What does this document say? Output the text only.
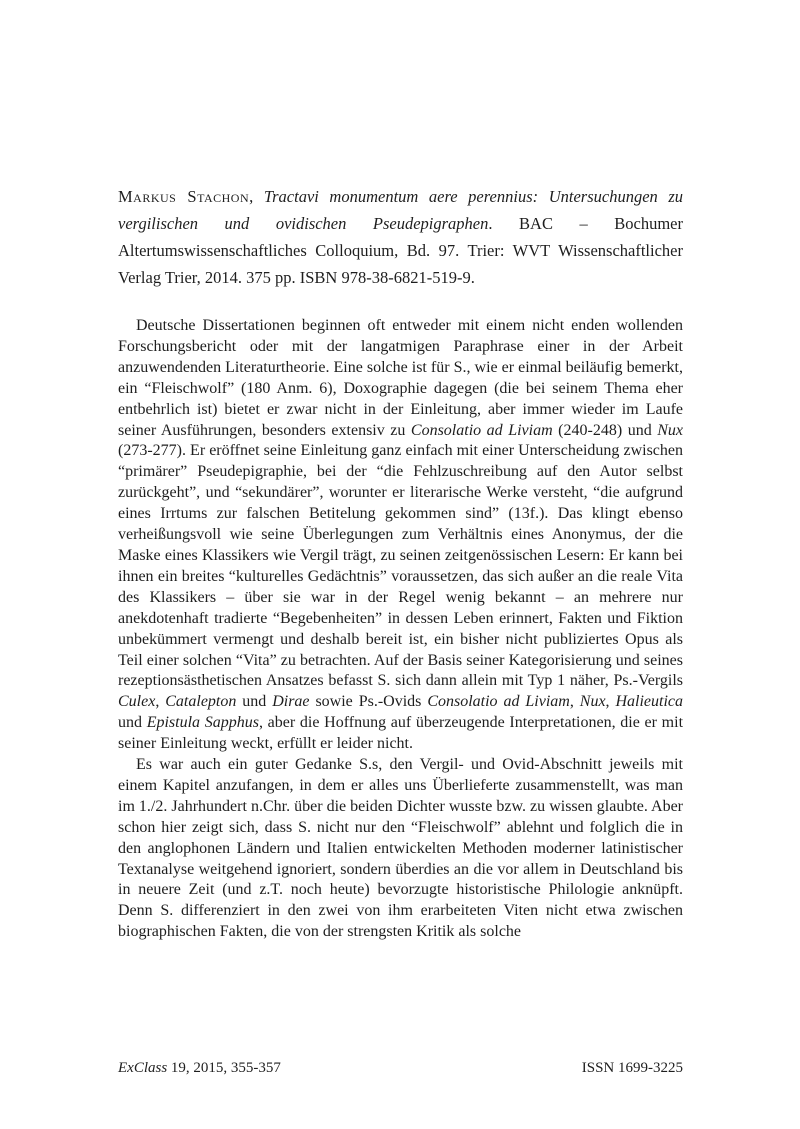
Markus Stachon, Tractavi monumentum aere perennius: Untersuchungen zu vergilischen und ovidischen Pseudepigraphen. BAC – Bochumer Altertumswissenschaftliches Colloquium, Bd. 97. Trier: WVT Wissenschaftlicher Verlag Trier, 2014. 375 pp. ISBN 978-38-6821-519-9.

Deutsche Dissertationen beginnen oft entweder mit einem nicht enden wollenden Forschungsbericht oder mit der langatmigen Paraphrase einer in der Arbeit anzuwendenden Literaturtheorie. Eine solche ist für S., wie er einmal beiläufig bemerkt, ein “Fleischwolf” (180 Anm. 6), Doxographie dagegen (die bei seinem Thema eher entbehrlich ist) bietet er zwar nicht in der Einleitung, aber immer wieder im Laufe seiner Ausführungen, besonders extensiv zu Consolatio ad Liviam (240-248) und Nux (273-277). Er eröffnet seine Einleitung ganz einfach mit einer Unterscheidung zwischen “primärer” Pseudepigraphie, bei der “die Fehlzuschreibung auf den Autor selbst zurückgeht”, und “sekundärer”, worunter er literarische Werke versteht, “die aufgrund eines Irrtums zur falschen Betitelung gekommen sind” (13f.). Das klingt ebenso verheißungsvoll wie seine Überlegungen zum Verhältnis eines Anonymus, der die Maske eines Klassikers wie Vergil trägt, zu seinen zeitgenössischen Lesern: Er kann bei ihnen ein breites “kulturelles Gedächtnis” voraussetzen, das sich außer an die reale Vita des Klassikers – über sie war in der Regel wenig bekannt – an mehrere nur anekdotenhaft tradierte “Begebenheiten” in dessen Leben erinnert, Fakten und Fiktion unbekümmert vermengt und deshalb bereit ist, ein bisher nicht publiziertes Opus als Teil einer solchen “Vita” zu betrachten. Auf der Basis seiner Kategorisierung und seines rezeptionsästhetischen Ansatzes befasst S. sich dann allein mit Typ 1 näher, Ps.-Vergils Culex, Catalepton und Dirae sowie Ps.-Ovids Consolatio ad Liviam, Nux, Halieutica und Epistula Sapphus, aber die Hoffnung auf überzeugende Interpretationen, die er mit seiner Einleitung weckt, erfüllt er leider nicht.

Es war auch ein guter Gedanke S.s, den Vergil- und Ovid-Abschnitt jeweils mit einem Kapitel anzufangen, in dem er alles uns Überlieferte zusammenstellt, was man im 1./2. Jahrhundert n.Chr. über die beiden Dichter wusste bzw. zu wissen glaubte. Aber schon hier zeigt sich, dass S. nicht nur den “Fleischwolf” ablehnt und folglich die in den anglophonen Ländern und Italien entwickelten Methoden moderner latinistischer Textanalyse weitgehend ignoriert, sondern überdies an die vor allem in Deutschland bis in neuere Zeit (und z.T. noch heute) bevorzugte historistische Philologie anknüpft. Denn S. differenziert in den zwei von ihm erarbeiteten Viten nicht etwa zwischen biographischen Fakten, die von der strengsten Kritik als solche

ExClass 19, 2015, 355-357	ISSN 1699-3225
